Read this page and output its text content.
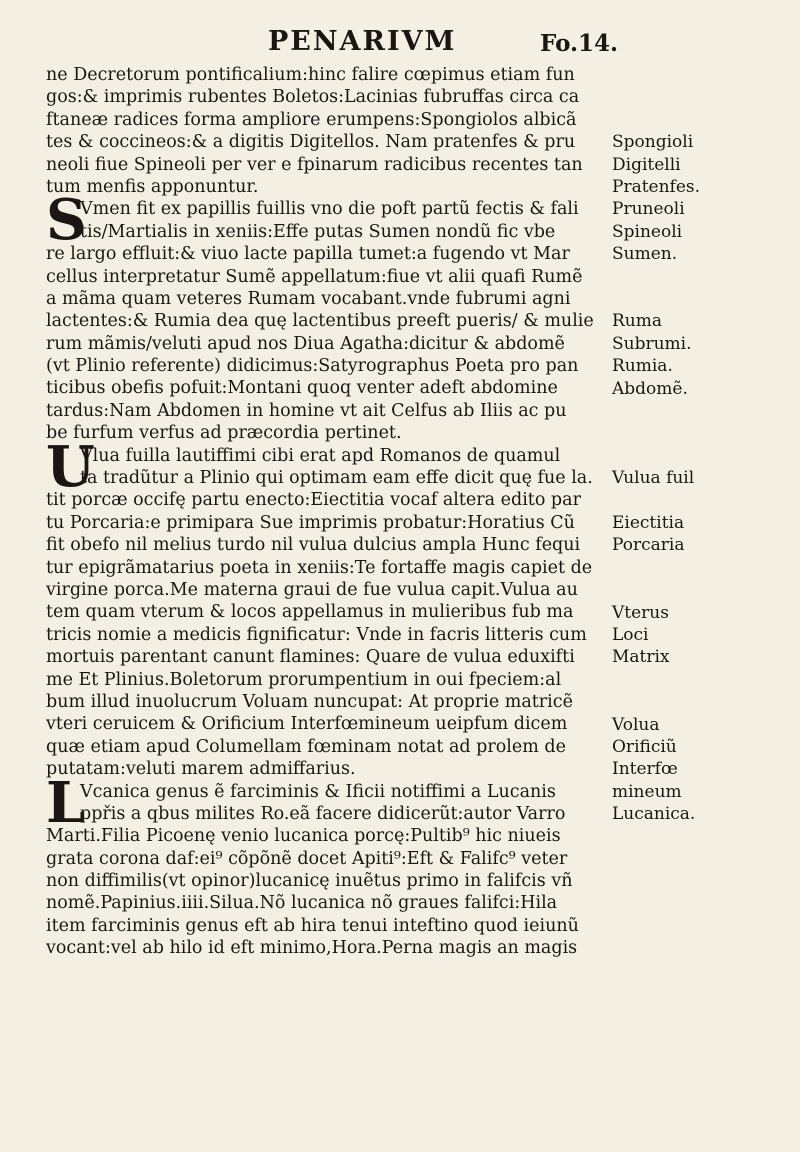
PENARIVM	Fo.14.
ne Decretorum pontificalium:hinc falire cœpimus etiam fun
gos:& imprimis rubentes Boletos:Lacinias fubruffas circa ca
ftaneæ radices forma ampliore erumpens:Spongiolos albicã
tes & coccineos:& a digitis Digitellos. Nam pratenfes & pru
neoli fiue Spineoli per ver e fpinarum radicibus recentes tan
tum menfis apponuntur.
Vmen fit ex papillis fuillis vno die poft partũ fectis & fali
tis/Martialis in xeniis:Effe putas Sumen nondũ fic vbe
re largo effluit:& viuo lacte papilla tumet:a fugendo vt Mar
cellus interpretatur Sumẽ appellatum:fiue vt alii quafi Rumẽ
a mãma quam veteres Rumam vocabant.vnde fubrumi agni
lactentes:& Rumia dea quę lactentibus preeft pueris/ & mulie
rum mãmis/veluti apud nos Diua Agatha:dicitur & abdomẽ
(vt Plinio referente) didicimus:Satyrographus Poeta pro pan
ticibus obefis pofuit:Montani quoq venter adeft abdomine
tardus:Nam Abdomen in homine vt ait Celfus ab Iliis ac pu
be furfum verfus ad præcordia pertinet.
Vlua fuilla lautiffimi cibi erat apd Romanos de quamul
ta tradũtur a Plinio qui optimam eam effe dicit quę fue la.
tit porcæ occifę partu enecto:Eiectitia vocaf altera edito par
tu Porcaria:e primipara Sue imprimis probatur:Horatius Cũ
fit obefo nil melius turdo nil vulua dulcius ampla Hunc fequi
tur epigrãmatarius poeta in xeniis:Te fortaffe magis capiet de
virgine porca.Me materna graui de fue vulua capit.Vulua au
tem quam vterum & locos appellamus in mulieribus fub ma
tricis nomie a medicis fignificatur: Vnde in facris litteris cum
mortuis parentant canunt flamines: Quare de vulua eduxifti
me Et Plinius.Boletorum prorumpentium in oui fpeciem:al
bum illud inuolucrum Voluam nuncupat: At proprie matricẽ
vteri ceruicem & Orificium Interfœmineum ueipfum dicem
quæ etiam apud Columellam fœminam notat ad prolem de
putatam:veluti marem admiffarius.
Vcanica genus ẽ farciminis & Ificii notiffimi a Lucanis
ppřis a qbus milites Ro.eã facere didicerũt:autor Varro
Marti.Filia Picoenę venio lucanica porcę:Pultib⁹ hic niueis
grata corona daf:ei⁹ cõpõnẽ docet Apiti⁹:Eft & Falifc⁹ veter
non diffimilis(vt opinor)lucanicę inuẽtus primo in falifcis vñ
nomẽ.Papinius.iiii.Silua.Nõ lucanica nõ graues falifci:Hila
item farciminis genus eft ab hira tenui inteftino quod ieiunũ
vocant:vel ab hilo id eft minimo,Hora.Perna magis an magis
Spongioli
Digitelli
Pratenfes.
Pruneoli
Spineoli
Sumen.
Ruma
Subrumi.
Rumia.
Abdomẽ.
Vulua fuil
Eiectitia
Porcaria
Vterus
Loci
Matrix
Volua
Orificiũ
Interfœ
mineum
Lucanica.
S
U
L
